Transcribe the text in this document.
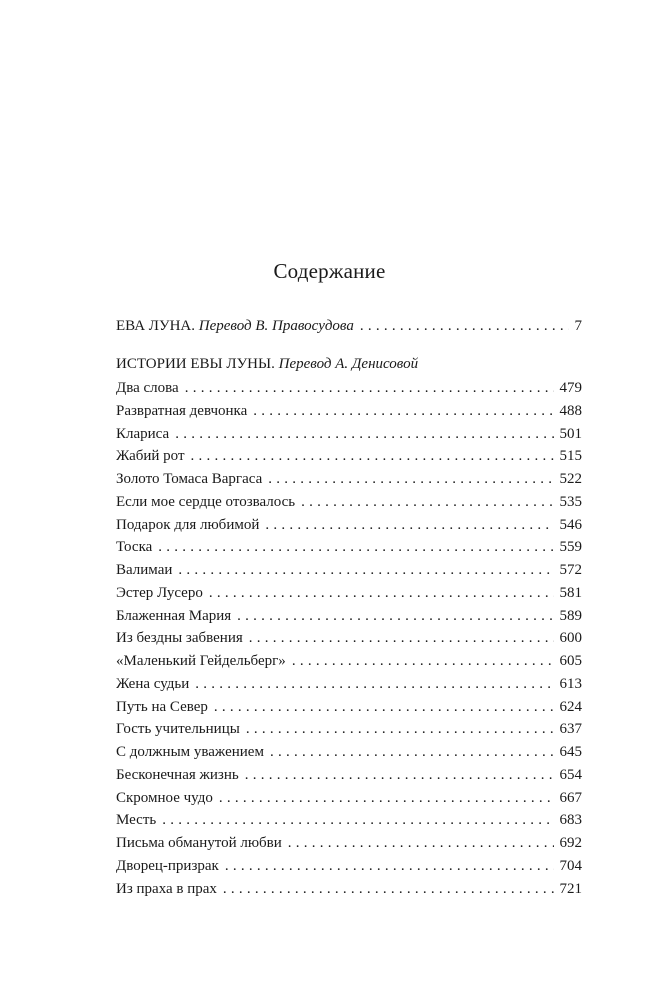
Содержание
ЕВА ЛУНА. Перевод В. Правосудова . . .	7
ИСТОРИИ ЕВЫ ЛУНЫ. Перевод А. Денисовой
Два слова . . .	479
Развратная девчонка . . .	488
Клариса . . .	501
Жабий рот . . .	515
Золото Томаса Варгаса . . .	522
Если мое сердце отозвалось . . .	535
Подарок для любимой . . .	546
Тоска . . .	559
Валимаи . . .	572
Эстер Лусеро . . .	581
Блаженная Мария . . .	589
Из бездны забвения . . .	600
«Маленький Гейдельберг» . . .	605
Жена судьи . . .	613
Путь на Север . . .	624
Гость учительницы . . .	637
С должным уважением . . .	645
Бесконечная жизнь . . .	654
Скромное чудо . . .	667
Месть . . .	683
Письма обманутой любви . . .	692
Дворец-призрак . . .	704
Из праха в прах . . .	721
